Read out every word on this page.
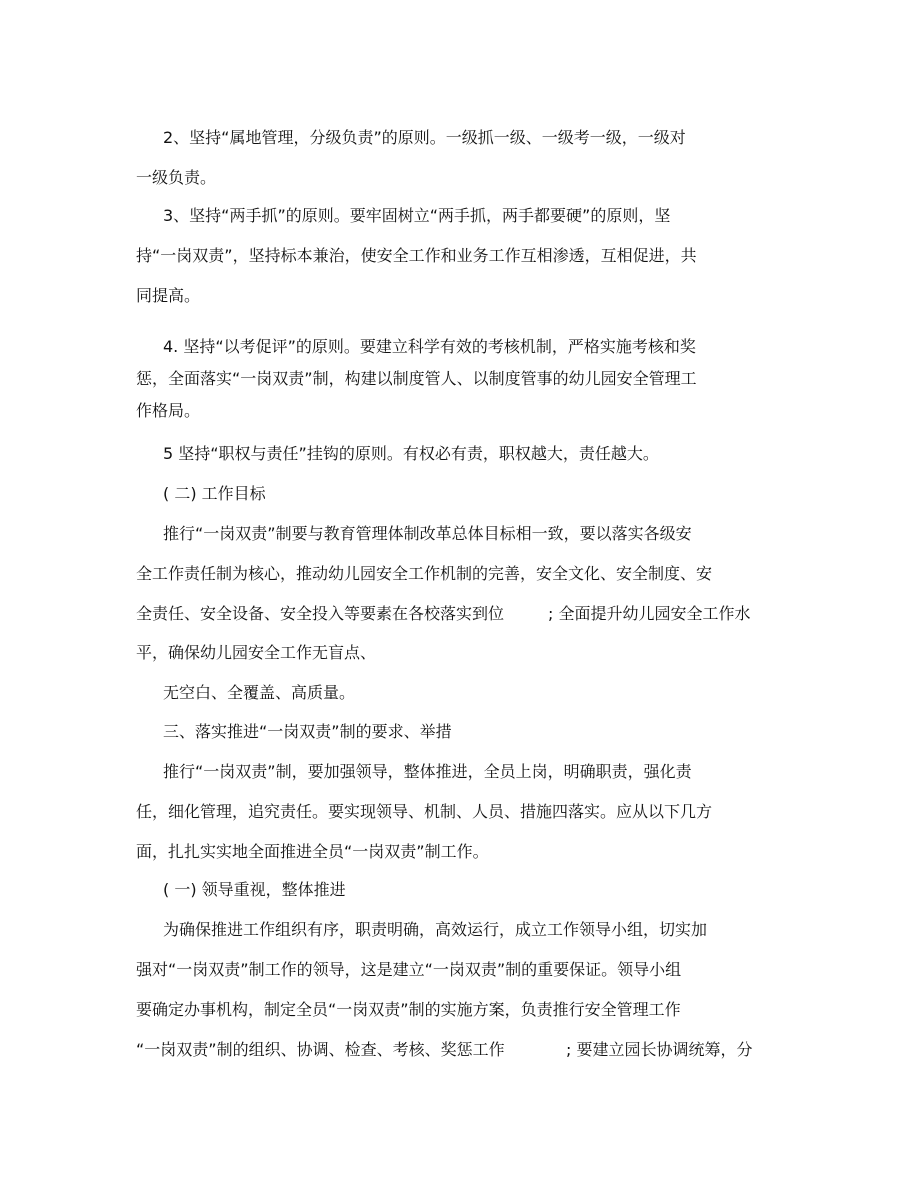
2、坚持“属地管理，分级负责”的原则。一级抓一级、一级考一级，一级对
一级负责。
3、坚持“两手抓”的原则。要牢固树立“两手抓，两手都要硬”的原则，坚
持“一岗双责”，坚持标本兼治，使安全工作和业务工作互相渗透，互相促进，共
同提高。
4. 坚持“以考促评”的原则。要建立科学有效的考核机制，严格实施考核和奖
惩，全面落实“一岗双责”制，构建以制度管人、以制度管事的幼儿园安全管理工
作格局。
5 坚持“职权与责任”挂钩的原则。有权必有责，职权越大，责任越大。
( 二) 工作目标
推行“一岗双责”制要与教育管理体制改革总体目标相一致，要以落实各级安
全工作责任制为核心，推动幼儿园安全工作机制的完善，安全文化、安全制度、安
全责任、安全设备、安全投入等要素在各校落实到位	; 全面提升幼儿园安全工作水
平，确保幼儿园安全工作无盲点、
无空白、全覆盖、高质量。
三、落实推进“一岗双责”制的要求、举措
推行“一岗双责”制，要加强领导，整体推进，全员上岗，明确职责，强化责
任，细化管理，追究责任。要实现领导、机制、人员、措施四落实。应从以下几方
面，扎扎实实地全面推进全员“一岗双责”制工作。
( 一) 领导重视，整体推进
为确保推进工作组织有序，职责明确，高效运行，成立工作领导小组，切实加
强对“一岗双责”制工作的领导，这是建立“一岗双责”制的重要保证。领导小组
要确定办事机构，制定全员“一岗双责”制的实施方案，负责推行安全管理工作
“一岗双责”制的组织、协调、检查、考核、奖惩工作	; 要建立园长协调统筹，分
